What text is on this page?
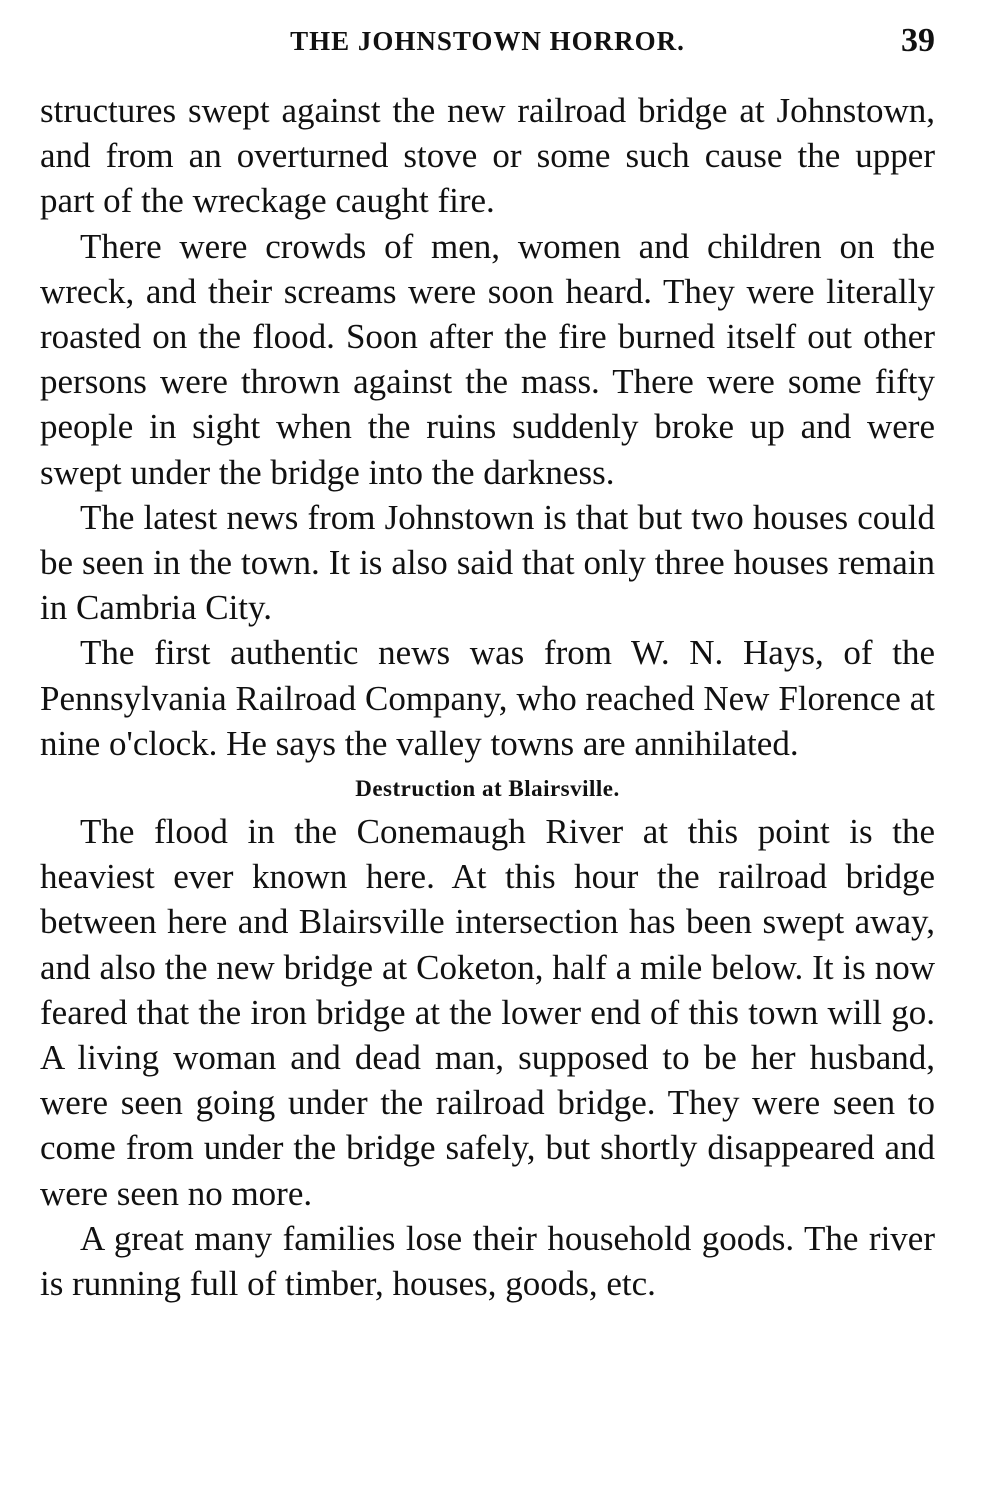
THE JOHNSTOWN HORROR.	39

structures swept against the new railroad bridge at Johnstown, and from an overturned stove or some such cause the upper part of the wreckage caught fire.

There were crowds of men, women and children on the wreck, and their screams were soon heard. They were literally roasted on the flood. Soon after the fire burned itself out other persons were thrown against the mass. There were some fifty people in sight when the ruins suddenly broke up and were swept under the bridge into the darkness.

The latest news from Johnstown is that but two houses could be seen in the town. It is also said that only three houses remain in Cambria City.

The first authentic news was from W. N. Hays, of the Pennsylvania Railroad Company, who reached New Florence at nine o'clock. He says the valley towns are annihilated.

Destruction at Blairsville.

The flood in the Conemaugh River at this point is the heaviest ever known here. At this hour the railroad bridge between here and Blairsville intersection has been swept away, and also the new bridge at Coketon, half a mile below. It is now feared that the iron bridge at the lower end of this town will go. A living woman and dead man, supposed to be her husband, were seen going under the railroad bridge. They were seen to come from under the bridge safely, but shortly disappeared and were seen no more.

A great many families lose their household goods. The river is running full of timber, houses, goods, etc.
